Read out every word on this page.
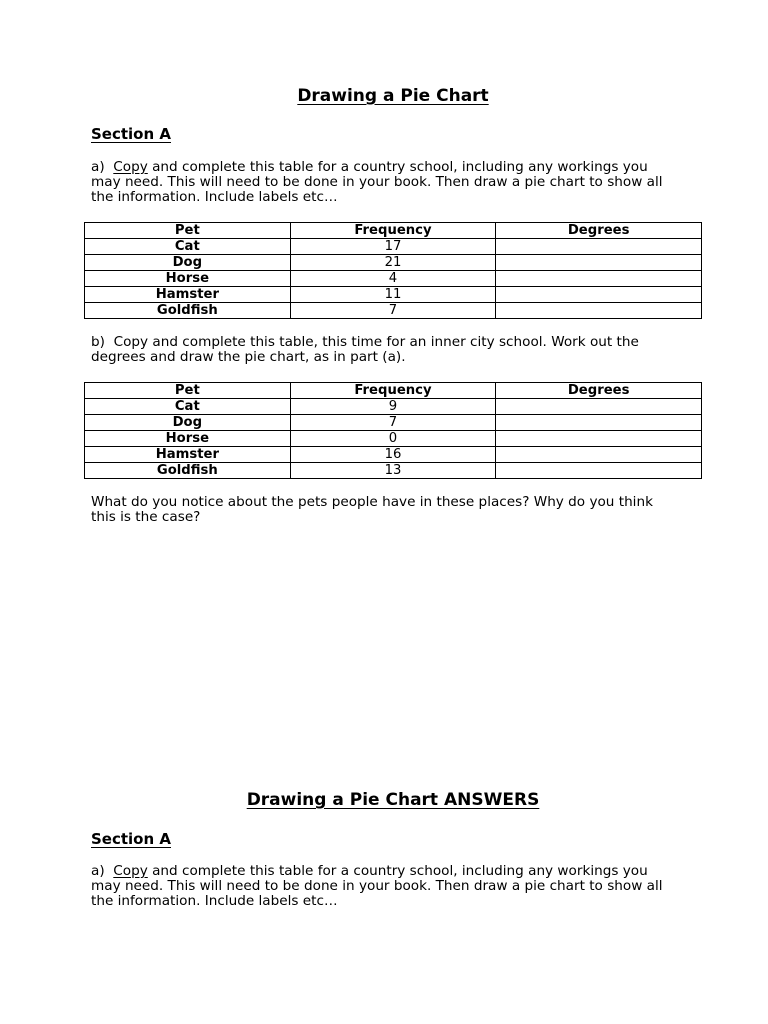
Drawing a Pie Chart
Section A
a) Copy and complete this table for a country school, including any workings you
may need. This will need to be done in your book. Then draw a pie chart to show all
the information. Include labels etc…
Pet	Frequency	Degrees
Cat	17	
Dog	21	
Horse	4	
Hamster	11	
Goldfish	7	
b) Copy and complete this table, this time for an inner city school. Work out the
degrees and draw the pie chart, as in part (a).
Pet	Frequency	Degrees
Cat	9	
Dog	7	
Horse	0	
Hamster	16	
Goldfish	13	
What do you notice about the pets people have in these places? Why do you think
this is the case?
Drawing a Pie Chart ANSWERS
Section A
a) Copy and complete this table for a country school, including any workings you
may need. This will need to be done in your book. Then draw a pie chart to show all
the information. Include labels etc…
